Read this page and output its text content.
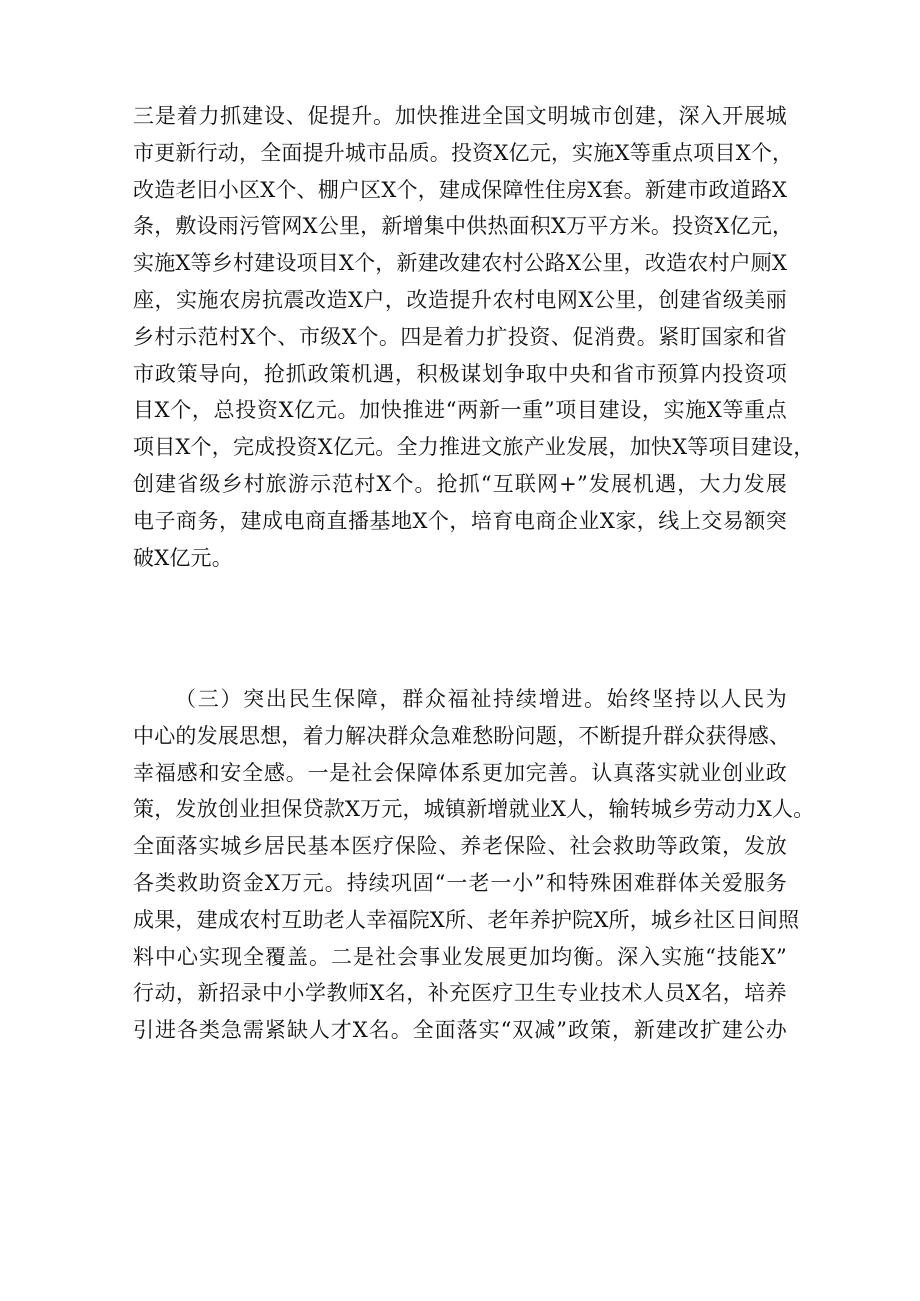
三是着力抓建设、促提升。加快推进全国文明城市创建，深入开展城
市更新行动，全面提升城市品质。投资X亿元，实施X等重点项目X个，
改造老旧小区X个、棚户区X个，建成保障性住房X套。新建市政道路X
条，敷设雨污管网X公里，新增集中供热面积X万平方米。投资X亿元，
实施X等乡村建设项目X个，新建改建农村公路X公里，改造农村户厕X
座，实施农房抗震改造X户，改造提升农村电网X公里，创建省级美丽
乡村示范村X个、市级X个。四是着力扩投资、促消费。紧盯国家和省
市政策导向，抢抓政策机遇，积极谋划争取中央和省市预算内投资项
目X个，总投资X亿元。加快推进“两新一重”项目建设，实施X等重点
项目X个，完成投资X亿元。全力推进文旅产业发展，加快X等项目建设，
创建省级乡村旅游示范村X个。抢抓“互联网+”发展机遇，大力发展
电子商务，建成电商直播基地X个，培育电商企业X家，线上交易额突
破X亿元。
（三）突出民生保障，群众福祉持续增进。始终坚持以人民为
中心的发展思想，着力解决群众急难愁盼问题，不断提升群众获得感、
幸福感和安全感。一是社会保障体系更加完善。认真落实就业创业政
策，发放创业担保贷款X万元，城镇新增就业X人，输转城乡劳动力X人。
全面落实城乡居民基本医疗保险、养老保险、社会救助等政策，发放
各类救助资金X万元。持续巩固“一老一小”和特殊困难群体关爱服务
成果，建成农村互助老人幸福院X所、老年养护院X所，城乡社区日间照
料中心实现全覆盖。二是社会事业发展更加均衡。深入实施“技能X”
行动，新招录中小学教师X名，补充医疗卫生专业技术人员X名，培养
引进各类急需紧缺人才X名。全面落实“双减”政策，新建改扩建公办
